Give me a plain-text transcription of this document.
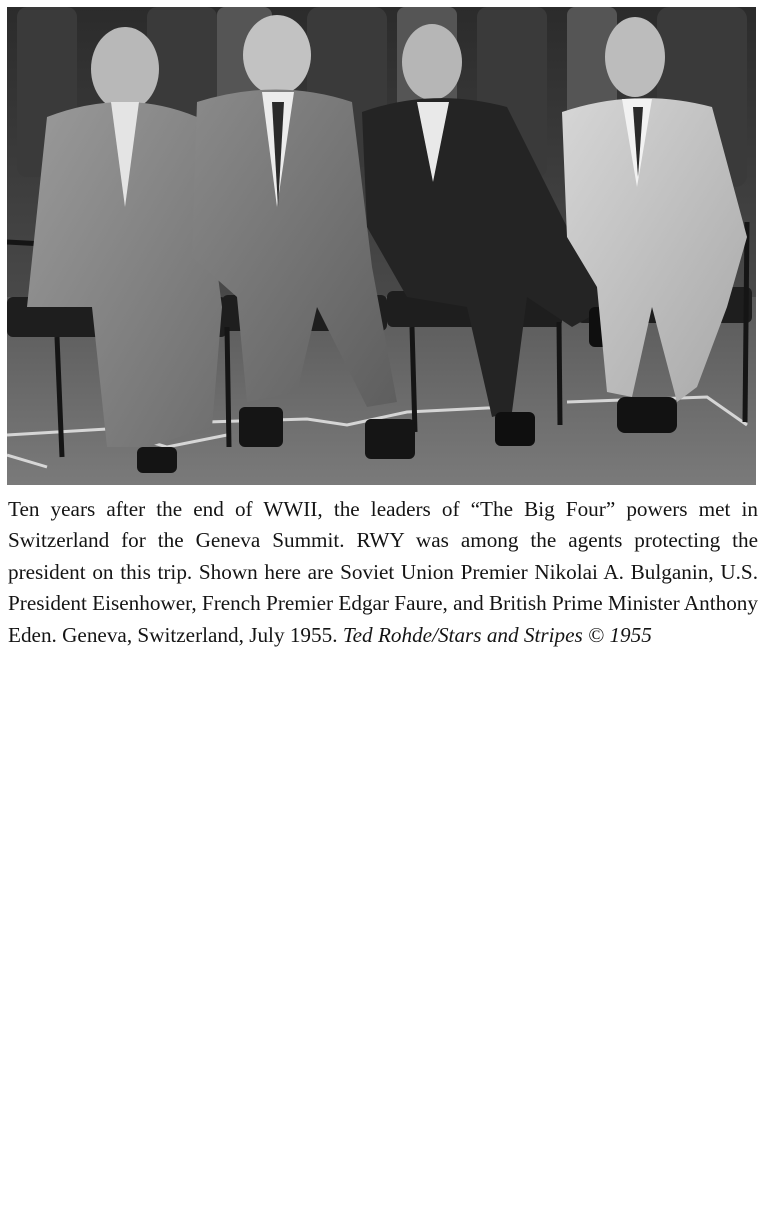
Ten years after the end of WWII, the leaders of “The Big Four” powers met in Switzerland for the Geneva Summit. RWY was among the agents protecting the president on this trip. Shown here are Soviet Union Premier Nikolai A. Bulganin, U.S. President Eisenhower, French Premier Edgar Faure, and British Prime Minister Anthony Eden. Geneva, Switzerland, July 1955. Ted Rohde/Stars and Stripes © 1955
